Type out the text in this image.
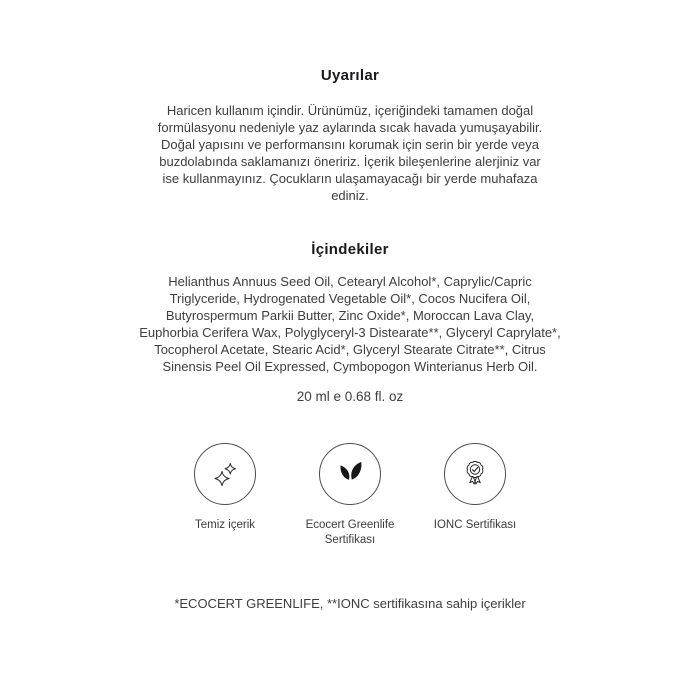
Uyarılar
Haricen kullanım içindir. Ürünümüz, içeriğindeki tamamen doğal
formülasyonu nedeniyle yaz aylarında sıcak havada yumuşayabilir.
Doğal yapısını ve performansını korumak için serin bir yerde veya
buzdolabında saklamanızı öneririz. İçerik bileşenlerine alerjiniz var
ise kullanmayınız. Çocukların ulaşamayacağı bir yerde muhafaza
ediniz.
İçindekiler
Helianthus Annuus Seed Oil, Cetearyl Alcohol*, Caprylic/Capric
Triglyceride, Hydrogenated Vegetable Oil*, Cocos Nucifera Oil,
Butyrospermum Parkii Butter, Zinc Oxide*, Moroccan Lava Clay,
Euphorbia Cerifera Wax, Polyglyceryl-3 Distearate**, Glyceryl Caprylate*,
Tocopherol Acetate, Stearic Acid*, Glyceryl Stearate Citrate**, Citrus
Sinensis Peel Oil Expressed, Cymbopogon Winterianus Herb Oil.
20 ml e 0.68 fl. oz
Temiz içerik	Ecocert Greenlife Sertifikası
IONC Sertifikası
*ECOCERT GREENLIFE, **IONC sertifikasına sahip içerikler
